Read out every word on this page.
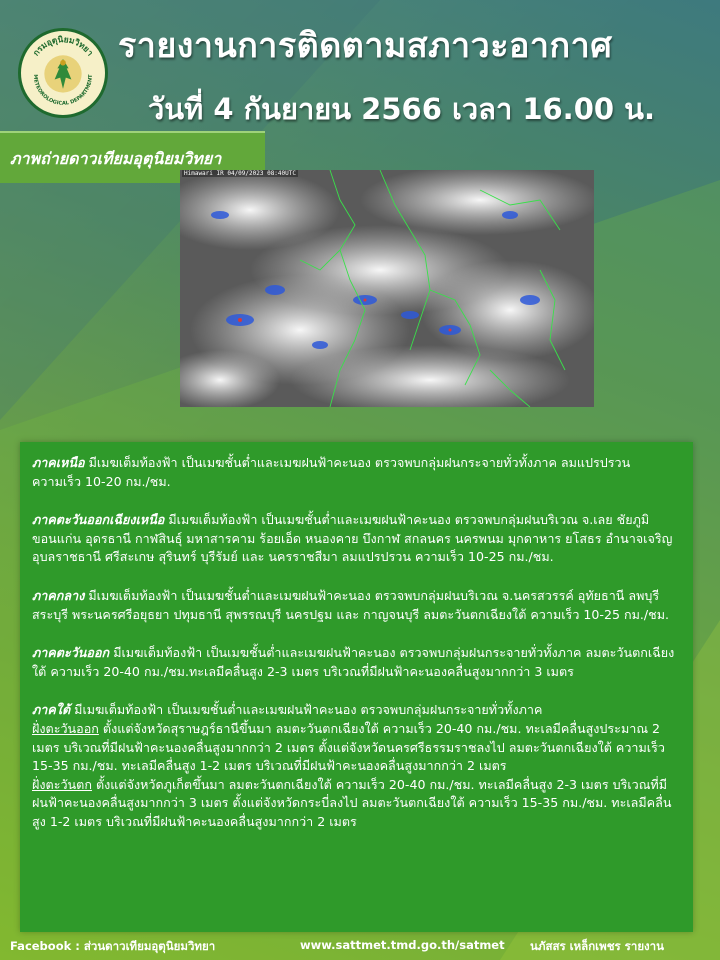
กรมอุตุนิยมวิทยา
METEOROLOGICAL DEPARTMENT
รายงานการติดตามสภาวะอากาศ
วันที่ 4 กันยายน 2566 เวลา 16.00 น.
ภาพถ่ายดาวเทียมอุตุนิยมวิทยา
Himawari IR 04/09/2023 08:40UTC
ภาคเหนือ มีเมฆเต็มท้องฟ้า เป็นเมฆชั้นต่ำและเมฆฝนฟ้าคะนอง ตรวจพบกลุ่มฝนกระจายทั่วทั้งภาค ลมแปรปรวน ความเร็ว 10-20 กม./ชม.
ภาคตะวันออกเฉียงเหนือ มีเมฆเต็มท้องฟ้า เป็นเมฆชั้นต่ำและเมฆฝนฟ้าคะนอง ตรวจพบกลุ่มฝนบริเวณ จ.เลย ชัยภูมิ ขอนแก่น อุดรธานี กาฬสินธุ์ มหาสารคาม ร้อยเอ็ด หนองคาย บึงกาฬ สกลนคร นครพนม มุกดาหาร ยโสธร อำนาจเจริญ อุบลราชธานี ศรีสะเกษ สุรินทร์ บุรีรัมย์ และ นครราชสีมา ลมแปรปรวน ความเร็ว 10-25 กม./ชม.
ภาคกลาง มีเมฆเต็มท้องฟ้า เป็นเมฆชั้นต่ำและเมฆฝนฟ้าคะนอง ตรวจพบกลุ่มฝนบริเวณ จ.นครสวรรค์ อุทัยธานี ลพบุรี สระบุรี พระนครศรีอยุธยา ปทุมธานี สุพรรณบุรี นครปฐม และ กาญจนบุรี ลมตะวันตกเฉียงใต้ ความเร็ว 10-25 กม./ชม.
ภาคตะวันออก มีเมฆเต็มท้องฟ้า เป็นเมฆชั้นต่ำและเมฆฝนฟ้าคะนอง ตรวจพบกลุ่มฝนกระจายทั่วทั้งภาค ลมตะวันตกเฉียงใต้ ความเร็ว 20-40 กม./ชม.ทะเลมีคลื่นสูง 2-3 เมตร บริเวณที่มีฝนฟ้าคะนองคลื่นสูงมากกว่า 3 เมตร
ภาคใต้ มีเมฆเต็มท้องฟ้า เป็นเมฆชั้นต่ำและเมฆฝนฟ้าคะนอง ตรวจพบกลุ่มฝนกระจายทั่วทั้งภาค
ฝั่งตะวันออก ตั้งแต่จังหวัดสุราษฎร์ธานีขึ้นมา ลมตะวันตกเฉียงใต้ ความเร็ว 20-40 กม./ชม. ทะเลมีคลื่นสูงประมาณ 2 เมตร บริเวณที่มีฝนฟ้าคะนองคลื่นสูงมากกว่า 2 เมตร ตั้งแต่จังหวัดนครศรีธรรมราชลงไป ลมตะวันตกเฉียงใต้ ความเร็ว 15-35 กม./ชม. ทะเลมีคลื่นสูง 1-2 เมตร บริเวณที่มีฝนฟ้าคะนองคลื่นสูงมากกว่า 2 เมตร
ฝั่งตะวันตก ตั้งแต่จังหวัดภูเก็ตขึ้นมา ลมตะวันตกเฉียงใต้ ความเร็ว 20-40 กม./ชม. ทะเลมีคลื่นสูง 2-3 เมตร บริเวณที่มีฝนฟ้าคะนองคลื่นสูงมากกว่า 3 เมตร ตั้งแต่จังหวัดกระบี่ลงไป ลมตะวันตกเฉียงใต้ ความเร็ว 15-35 กม./ชม. ทะเลมีคลื่นสูง 1-2 เมตร บริเวณที่มีฝนฟ้าคะนองคลื่นสูงมากกว่า 2 เมตร
Facebook : ส่วนดาวเทียมอุตุนิยมวิทยา	www.sattmet.tmd.go.th/satmet นภัสสร เหล็กเพชร รายงาน
